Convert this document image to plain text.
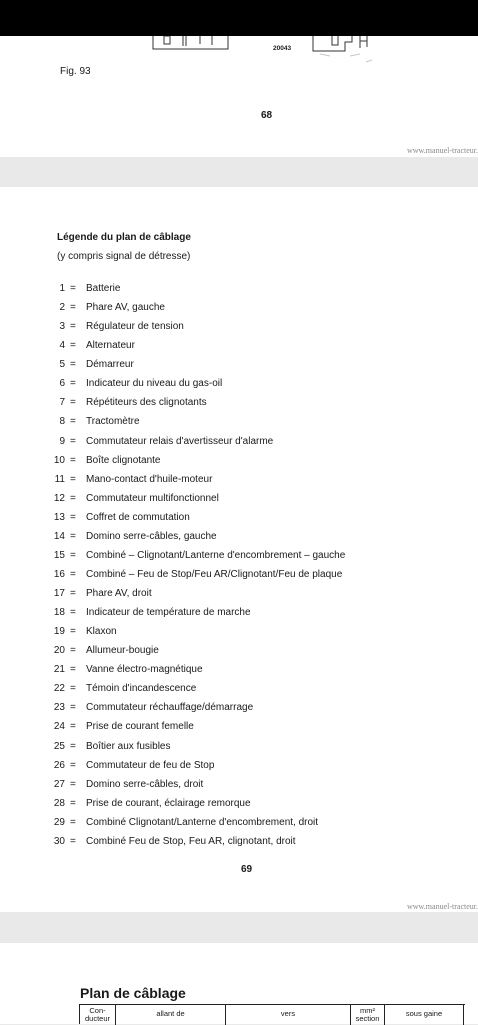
20043
Fig. 93
68
www.manuel-tracteur.
Légende du plan de câblage
(y compris signal de détresse)
1 = Batterie
2 = Phare AV, gauche
3 = Régulateur de tension
4 = Alternateur
5 = Démarreur
6 = Indicateur du niveau du gas-oil
7 = Répétiteurs des clignotants
8 = Tractomètre
9 = Commutateur relais d'avertisseur d'alarme
10 = Boîte clignotante
11 = Mano-contact d'huile-moteur
12 = Commutateur multifonctionnel
13 = Coffret de commutation
14 = Domino serre-câbles, gauche
15 = Combiné – Clignotant/Lanterne d'encombrement – gauche
16 = Combiné – Feu de Stop/Feu AR/Clignotant/Feu de plaque
17 = Phare AV, droit
18 = Indicateur de température de marche
19 = Klaxon
20 = Allumeur-bougie
21 = Vanne électro-magnétique
22 = Témoin d'incandescence
23 = Commutateur réchauffage/démarrage
24 = Prise de courant femelle
25 = Boîtier aux fusibles
26 = Commutateur de feu de Stop
27 = Domino serre-câbles, droit
28 = Prise de courant, éclairage remorque
29 = Combiné Clignotant/Lanterne d'encombrement, droit
30 = Combiné Feu de Stop, Feu AR, clignotant, droit
69
www.manuel-tracteur.
Plan de câblage
Con-
ducteur
allant de	vers	mm²
section
sous gaine
